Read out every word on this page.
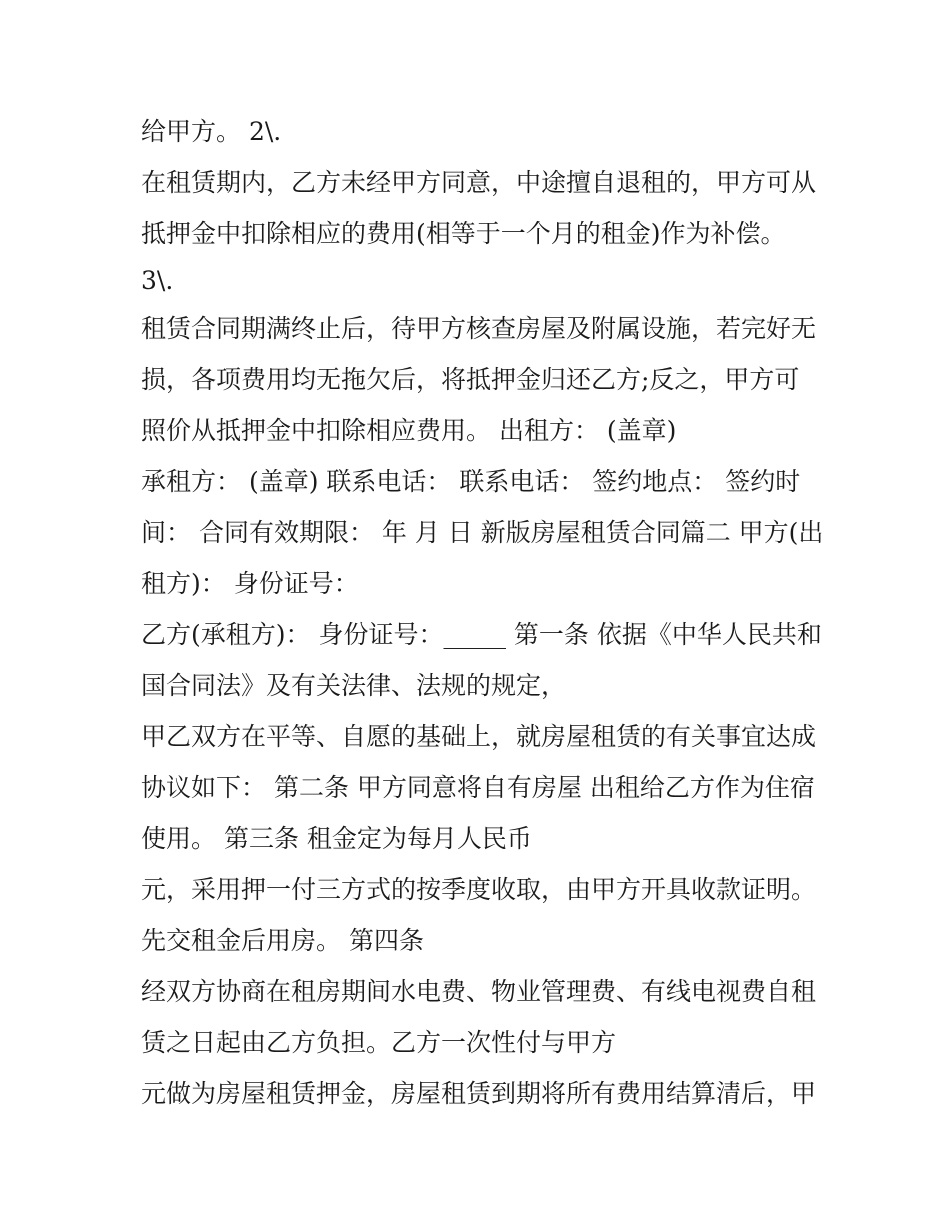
给甲方。 2\.
在租赁期内，乙方未经甲方同意，中途擅自退租的，甲方可从
抵押金中扣除相应的费用(相等于一个月的租金)作为补偿。
3\.
租赁合同期满终止后，待甲方核查房屋及附属设施，若完好无
损，各项费用均无拖欠后，将抵押金归还乙方;反之，甲方可
照价从抵押金中扣除相应费用。 出租方： (盖章)
承租方： (盖章) 联系电话： 联系电话： 签约地点： 签约时
间： 合同有效期限： 年 月 日 新版房屋租赁合同篇二 甲方(出
租方)： 身份证号：
乙方(承租方)： 身份证号：_____ 第一条 依据《中华人民共和
国合同法》及有关法律、法规的规定，
甲乙双方在平等、自愿的基础上，就房屋租赁的有关事宜达成
协议如下： 第二条 甲方同意将自有房屋 出租给乙方作为住宿
使用。 第三条 租金定为每月人民币
元，采用押一付三方式的按季度收取，由甲方开具收款证明。
先交租金后用房。 第四条
经双方协商在租房期间水电费、物业管理费、有线电视费自租
赁之日起由乙方负担。乙方一次性付与甲方
元做为房屋租赁押金，房屋租赁到期将所有费用结算清后，甲
